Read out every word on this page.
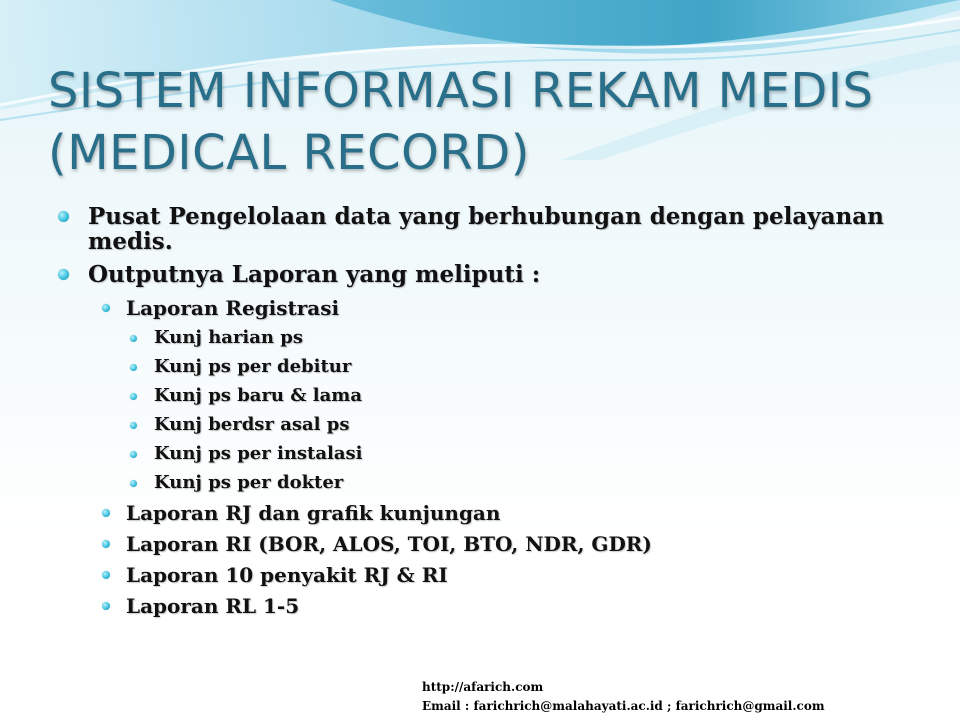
SISTEM INFORMASI REKAM MEDIS
(MEDICAL RECORD)
Pusat Pengelolaan data yang berhubungan dengan pelayanan medis.
Outputnya Laporan yang meliputi :
Laporan Registrasi
Kunj harian ps
Kunj ps per debitur
Kunj ps baru & lama
Kunj berdsr asal ps
Kunj ps per instalasi
Kunj ps per dokter
Laporan RJ dan grafik kunjungan
Laporan RI (BOR, ALOS, TOI, BTO, NDR, GDR)
Laporan 10 penyakit RJ & RI
Laporan RL 1-5
http://afarich.com
Email : farichrich@malahayati.ac.id ; farichrich@gmail.com
